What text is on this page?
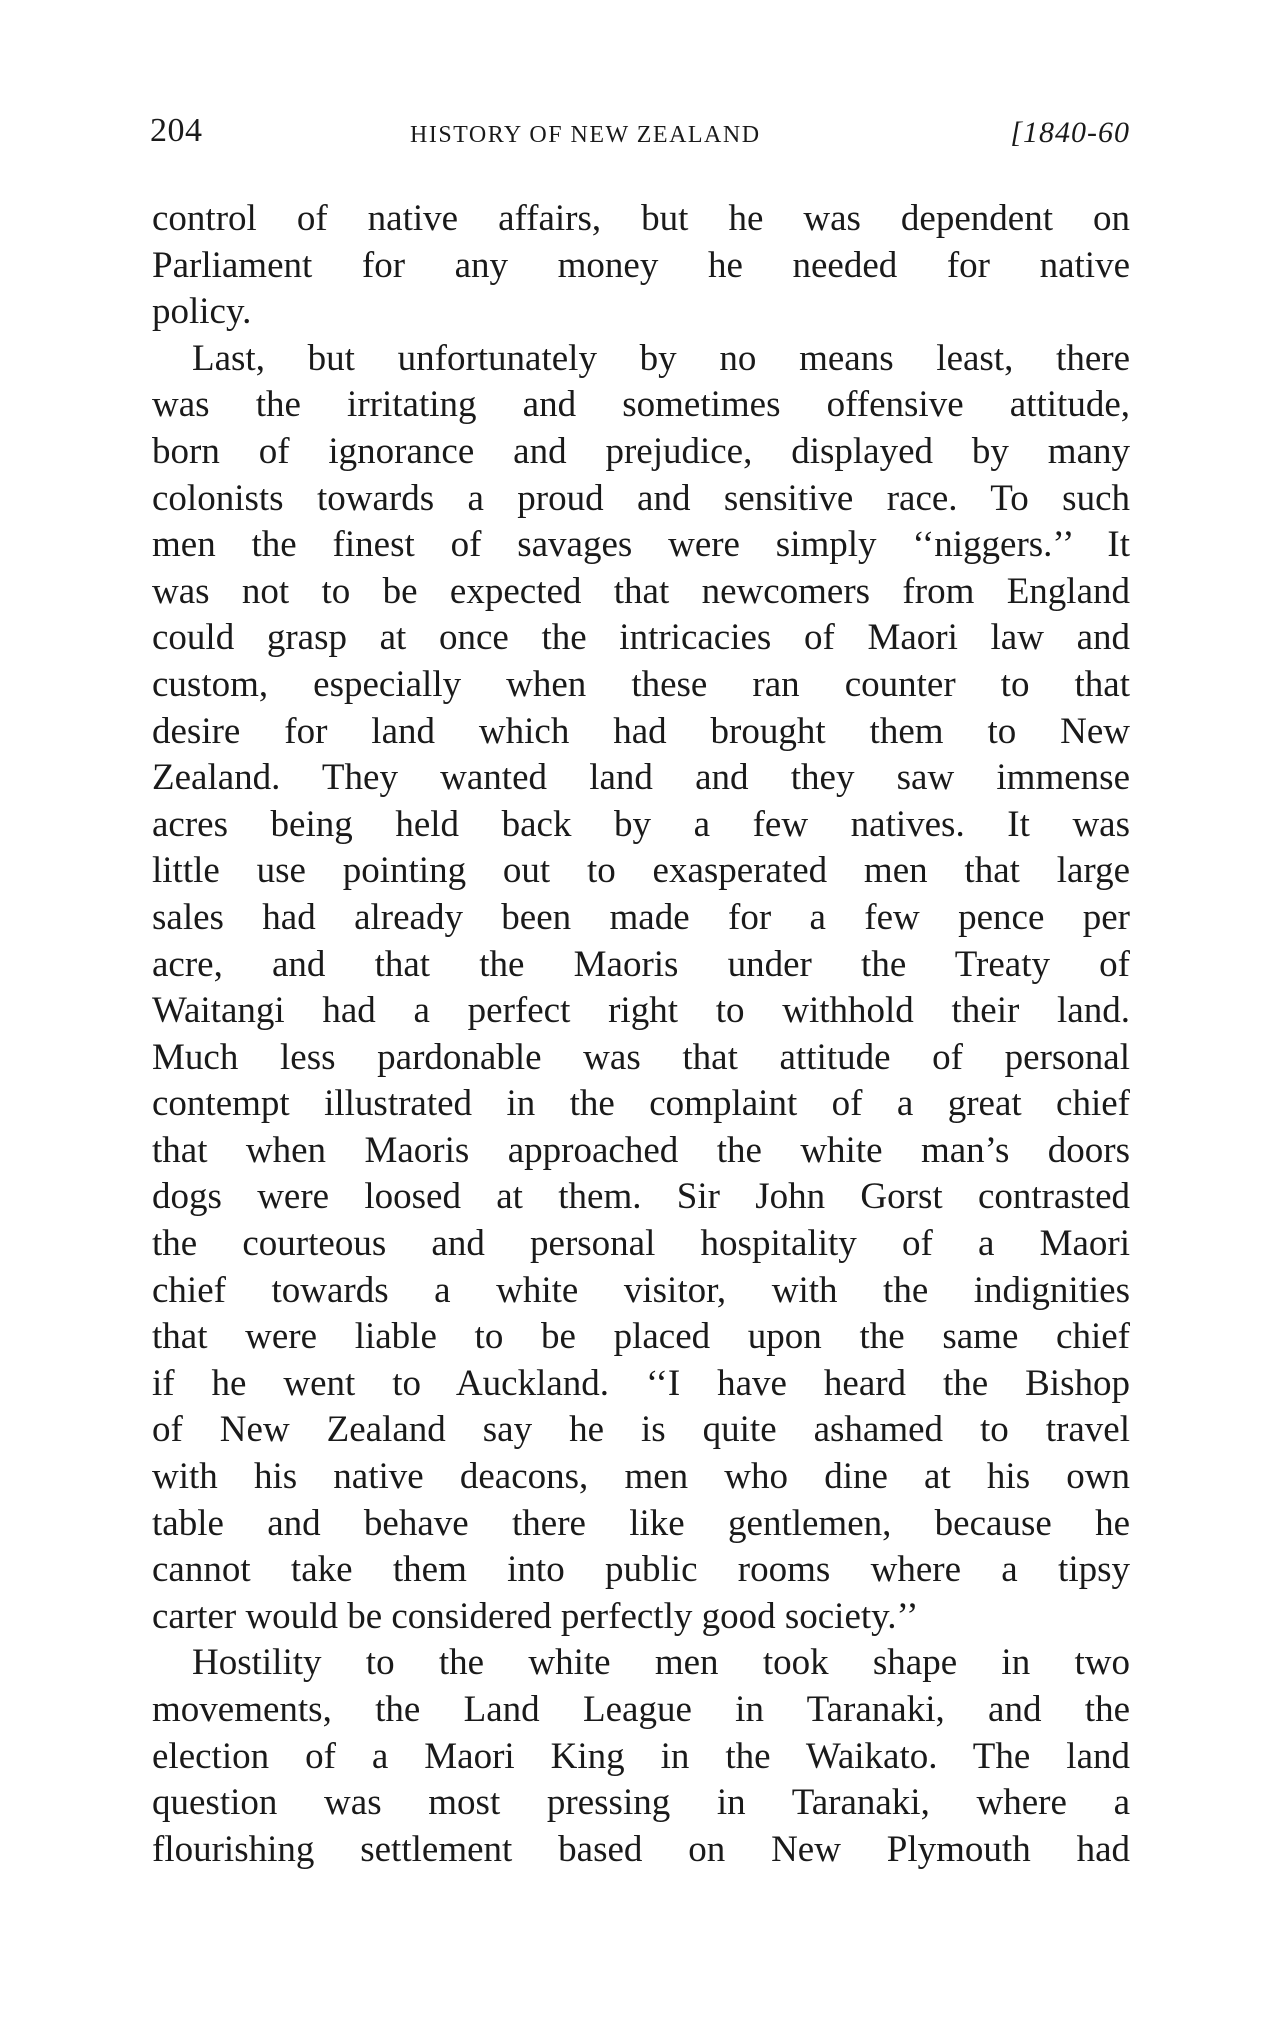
204	HISTORY OF NEW ZEALAND	[1840-60
control of native affairs, but he was dependent on
Parliament for any money he needed for native
policy.
Last, but unfortunately by no means least, there
was the irritating and sometimes offensive attitude,
born of ignorance and prejudice, displayed by many
colonists towards a proud and sensitive race. To such
men the finest of savages were simply ‘‘niggers.’’ It
was not to be expected that newcomers from England
could grasp at once the intricacies of Maori law and
custom, especially when these ran counter to that
desire for land which had brought them to New
Zealand. They wanted land and they saw immense
acres being held back by a few natives. It was
little use pointing out to exasperated men that large
sales had already been made for a few pence per
acre, and that the Maoris under the Treaty of
Waitangi had a perfect right to withhold their land.
Much less pardonable was that attitude of personal
contempt illustrated in the complaint of a great chief
that when Maoris approached the white man’s doors
dogs were loosed at them. Sir John Gorst contrasted
the courteous and personal hospitality of a Maori
chief towards a white visitor, with the indignities
that were liable to be placed upon the same chief
if he went to Auckland. ‘‘I have heard the Bishop
of New Zealand say he is quite ashamed to travel
with his native deacons, men who dine at his own
table and behave there like gentlemen, because he
cannot take them into public rooms where a tipsy
carter would be considered perfectly good society.’’
Hostility to the white men took shape in two
movements, the Land League in Taranaki, and the
election of a Maori King in the Waikato. The land
question was most pressing in Taranaki, where a
flourishing settlement based on New Plymouth had
